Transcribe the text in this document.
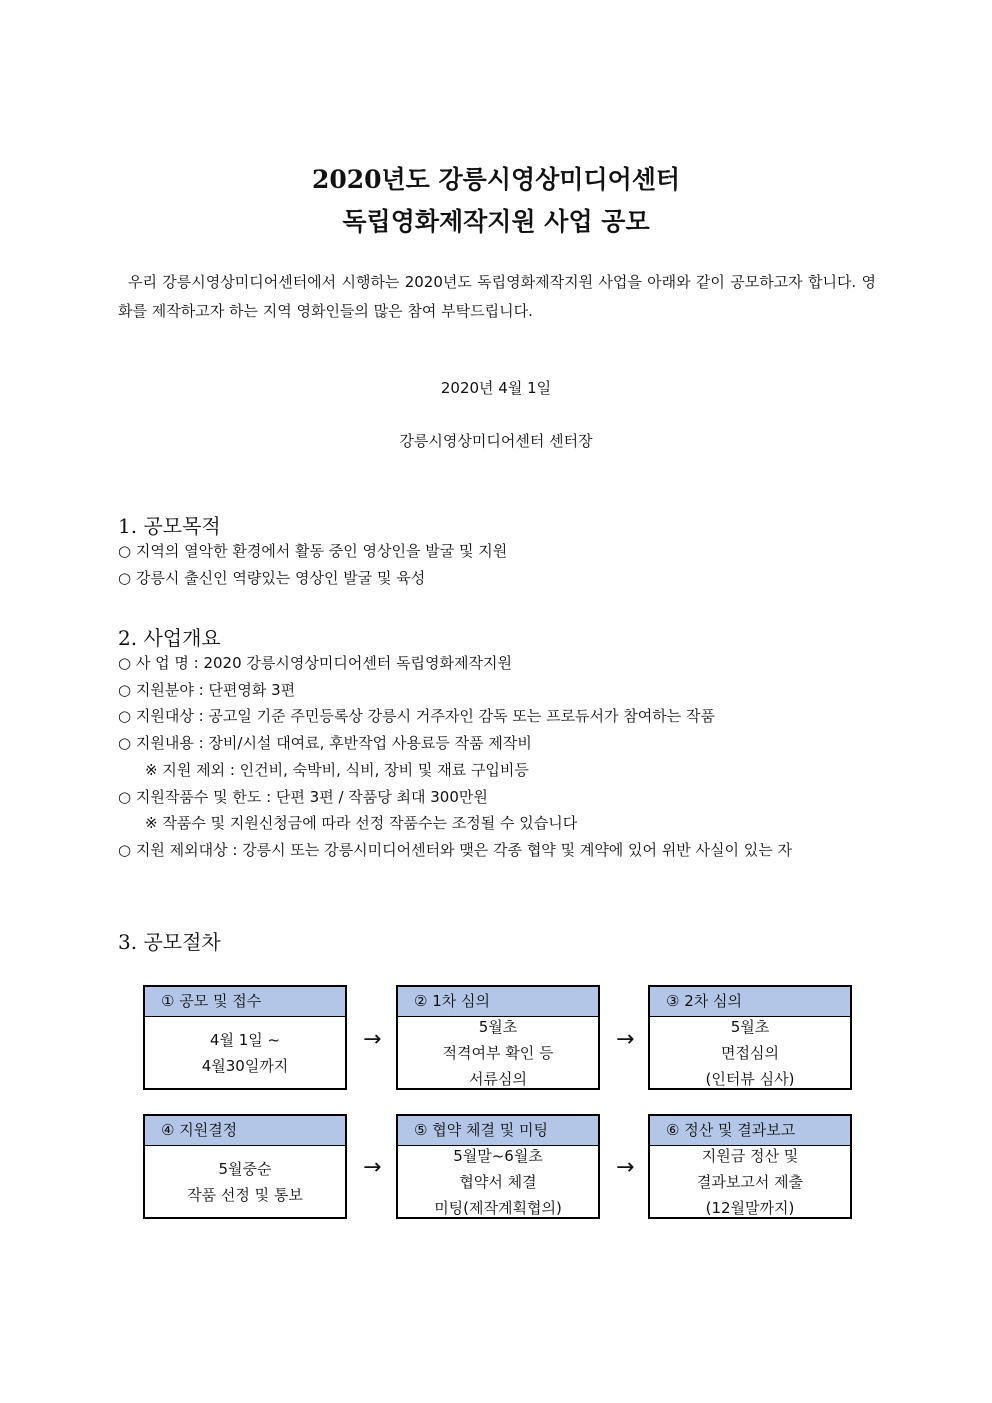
2020년도 강릉시영상미디어센터
독립영화제작지원 사업 공모
우리 강릉시영상미디어센터에서 시행하는 2020년도 독립영화제작지원 사업을 아래와 같이 공모하고자 합니다. 영화를 제작하고자 하는 지역 영화인들의 많은 참여 부탁드립니다.
2020년 4월 1일
강릉시영상미디어센터 센터장
1. 공모목적
○ 지역의 열악한 환경에서 활동 중인 영상인을 발굴 및 지원
○ 강릉시 출신인 역량있는 영상인 발굴 및 육성
2. 사업개요
○ 사 업 명 : 2020 강릉시영상미디어센터 독립영화제작지원
○ 지원분야 : 단편영화 3편
○ 지원대상 : 공고일 기준 주민등록상 강릉시 거주자인 감독 또는 프로듀서가 참여하는 작품
○ 지원내용 : 장비/시설 대여료, 후반작업 사용료등 작품 제작비
※ 지원 제외 : 인건비, 숙박비, 식비, 장비 및 재료 구입비등
○ 지원작품수 및 한도 : 단편 3편 / 작품당 최대 300만원
※ 작품수 및 지원신청금에 따라 선정 작품수는 조정될 수 있습니다
○ 지원 제외대상 : 강릉시 또는 강릉시미디어센터와 맺은 각종 협약 및 계약에 있어 위반 사실이 있는 자
3. 공모절차
① 공모 및 접수
4월 1일 ~
4월30일까지
→
② 1차 심의
5월초
적격여부 확인 등
서류심의
→
③ 2차 심의
5월초
면접심의
(인터뷰 심사)
④ 지원결정
5월중순
작품 선정 및 통보
→
⑤ 협약 체결 및 미팅
5월말~6월초
협약서 체결
미팅(제작계획협의)
→
⑥ 정산 및 결과보고
지원금 정산 및
결과보고서 제출
(12월말까지)
